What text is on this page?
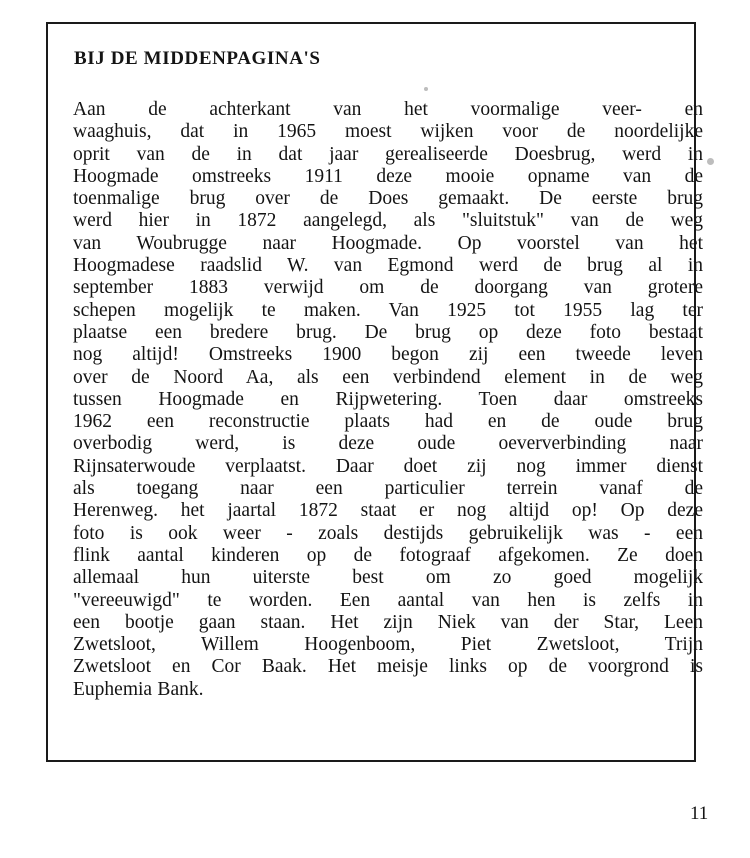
BIJ DE MIDDENPAGINA'S
Aan de achterkant van het voormalige veer- en
waaghuis, dat in 1965 moest wijken voor de noordelijke
oprit van de in dat jaar gerealiseerde Doesbrug, werd in
Hoogmade omstreeks 1911 deze mooie opname van de
toenmalige brug over de Does gemaakt. De eerste brug
werd hier in 1872 aangelegd, als "sluitstuk" van de weg
van Woubrugge naar Hoogmade. Op voorstel van het
Hoogmadese raadslid W. van Egmond werd de brug al in
september 1883 verwijd om de doorgang van grotere
schepen mogelijk te maken. Van 1925 tot 1955 lag ter
plaatse een bredere brug. De brug op deze foto bestaat
nog altijd! Omstreeks 1900 begon zij een tweede leven
over de Noord Aa, als een verbindend element in de weg
tussen Hoogmade en Rijpwetering. Toen daar omstreeks
1962 een reconstructie plaats had en de oude brug
overbodig werd, is deze oude oeververbinding naar
Rijnsaterwoude verplaatst. Daar doet zij nog immer dienst
als toegang naar een particulier terrein vanaf de
Herenweg. het jaartal 1872 staat er nog altijd op! Op deze
foto is ook weer - zoals destijds gebruikelijk was - een
flink aantal kinderen op de fotograaf afgekomen. Ze doen
allemaal hun uiterste best om zo goed mogelijk
"vereeuwigd" te worden. Een aantal van hen is zelfs in
een bootje gaan staan. Het zijn Niek van der Star, Leen
Zwetsloot, Willem Hoogenboom, Piet Zwetsloot, Trijn
Zwetsloot en Cor Baak. Het meisje links op de voorgrond is
Euphemia Bank.
11
